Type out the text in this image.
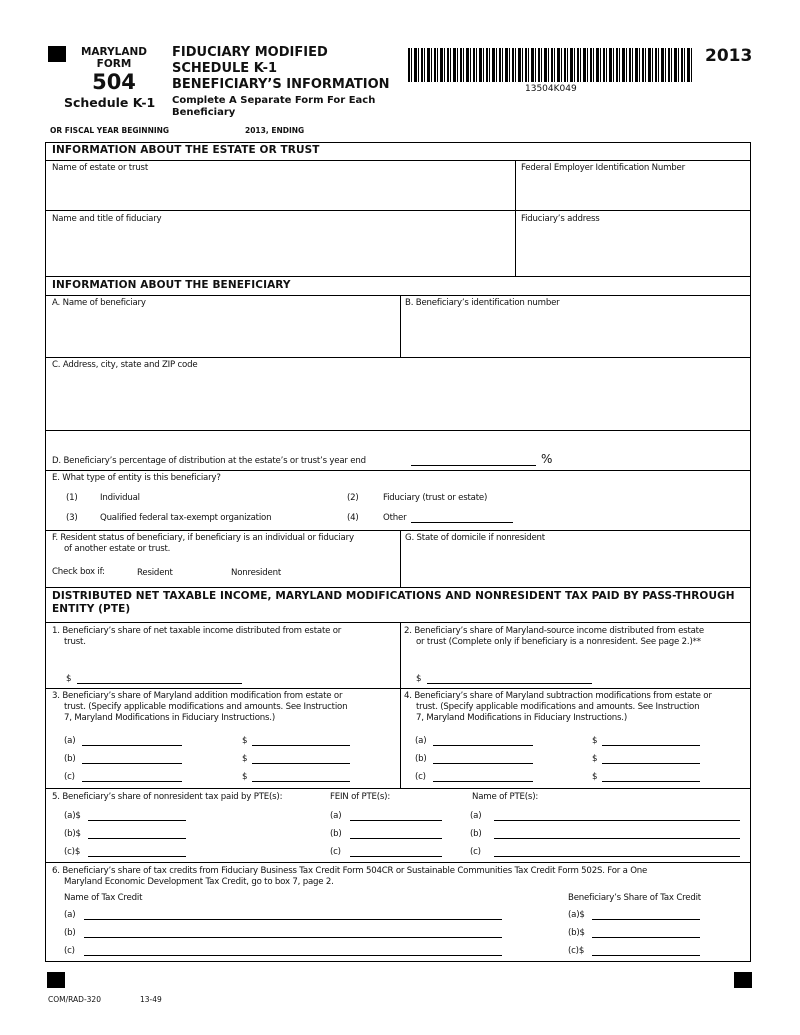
MARYLAND
FORM
504
Schedule K-1
FIDUCIARY MODIFIED
SCHEDULE K-1
BENEFICIARY’S INFORMATION
Complete A Separate Form For Each Beneficiary
13504K049
2013
OR FISCAL YEAR BEGINNING	2013, ENDING
INFORMATION ABOUT THE ESTATE OR TRUST
Name of estate or trust	Federal Employer Identification Number
Name and title of fiduciary	Fiduciary’s address
INFORMATION ABOUT THE BENEFICIARY
A. Name of beneficiary	B. Beneficiary’s identification number
C. Address, city, state and ZIP code
D. Beneficiary’s percentage of distribution at the estate’s or trust’s year end	%
E. What type of entity is this beneficiary?
(1)	Individual	(2)	Fiduciary (trust or estate)
(3)	Qualified federal tax-exempt organization	(4)	Other
F. Resident status of beneficiary, if beneficiary is an individual or fiduciary
of another estate or trust.
Check box if:	Resident	Nonresident
G. State of domicile if nonresident
DISTRIBUTED NET TAXABLE INCOME, MARYLAND MODIFICATIONS AND NONRESIDENT TAX PAID BY PASS-THROUGH
ENTITY (PTE)
1. Beneficiary’s share of net taxable income distributed from estate or
trust.
$
2. Beneficiary’s share of Maryland-source income distributed from estate
or trust (Complete only if beneficiary is a nonresident. See page 2.)**
$
3. Beneficiary’s share of Maryland addition modification from estate or
trust. (Specify applicable modifications and amounts. See Instruction
7, Maryland Modifications in Fiduciary Instructions.)
4. Beneficiary’s share of Maryland subtraction modifications from estate or
trust. (Specify applicable modifications and amounts. See Instruction
7, Maryland Modifications in Fiduciary Instructions.)
(a)	$	(a)	$
(b)	$	(b)	$
(c)	$	(c)	$
5. Beneficiary’s share of nonresident tax paid by PTE(s):	FEIN of PTE(s):	Name of PTE(s):
(a)$	(a)	(a)
(b)$	(b)	(b)
(c)$	(c)	(c)
6. Beneficiary’s share of tax credits from Fiduciary Business Tax Credit Form 504CR or Sustainable Communities Tax Credit Form 502S. For a One
Maryland Economic Development Tax Credit, go to box 7, page 2.
Name of Tax Credit	Beneficiary’s Share of Tax Credit
(a)	(a)$
(b)	(b)$
(c)	(c)$
COM/RAD-320	13-49
